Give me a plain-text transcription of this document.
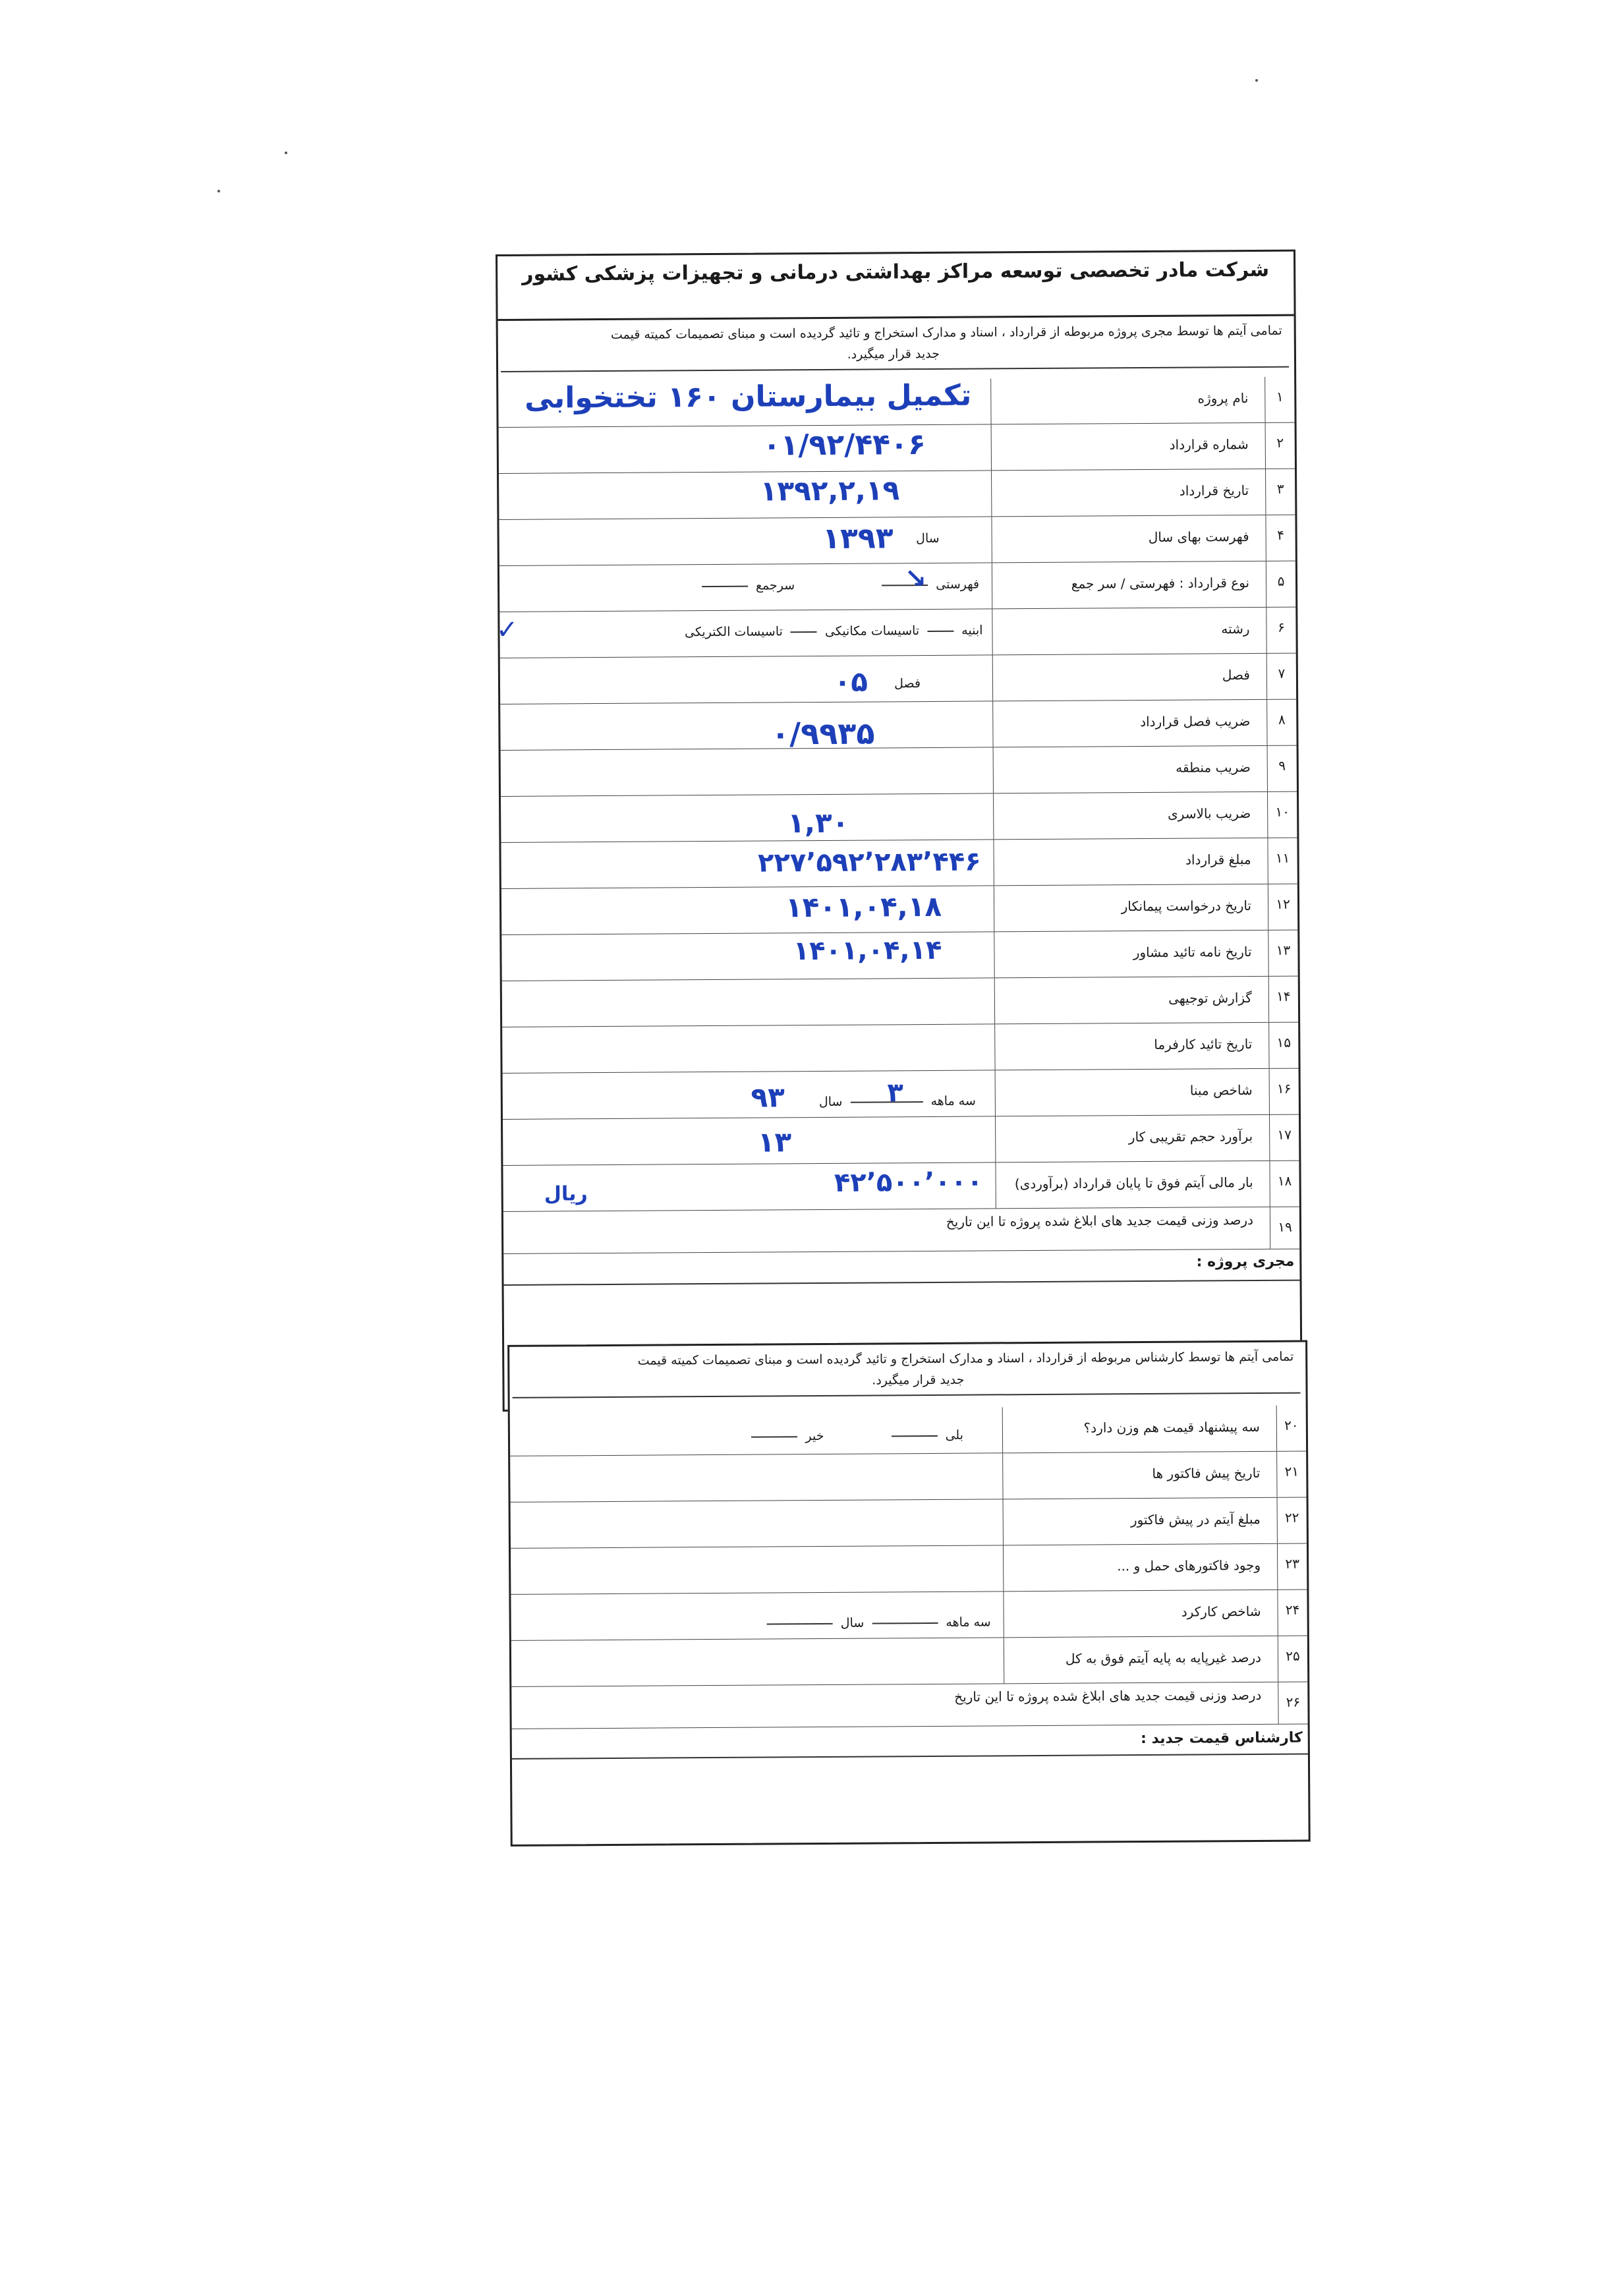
شرکت مادر تخصصی توسعه مراکز بهداشتی درمانی و تجهیزات پزشکی کشور
تمامی آیتم ها توسط مجری پروژه مربوطه از قرارداد ، اسناد و مدارک استخراج و تائید گردیده است و مبنای تصمیمات کمیته قیمت
جدید قرار میگیرد.
۱
نام پروژه
تکمیل بیمارستان ۱۶۰ تختخوابی
۲
شماره قرارداد
۰۱/۹۲/۴۴۰۶
۳
تاریخ قرارداد
۱۳۹۲,۲,۱۹
۴
فهرست بهای سال
سال
۱۳۹۳
۵
نوع قرارداد : فهرستی / سر جمع
فهرستی  سرجمع	↘
۶
رشته
ابنیه  تاسیسات مکانیکی  تاسیسات الکتریکی
✓
۷
فصل
فصل
۰۵
۸
ضریب فصل قرارداد
۰/۹۹۳۵
۹
ضریب منطقه
۱۰
ضریب بالاسری
۱,۳۰
۱۱
مبلغ قرارداد
۲۲۷٬۵۹۲٬۲۸۳٬۴۴۶
۱۲
تاریخ درخواست پیمانکار
۱۴۰۱,۰۴,۱۸
۱۳
تاریخ نامه تائید مشاور
۱۴۰۱,۰۴,۱۴
۱۴
گزارش توجیهی
۱۵
تاریخ تائید کارفرما
۱۶
شاخص مبنا
سه ماهه  سال	۳
۹۳
۱۷
برآورد حجم تقریبی کار
۱۳
۱۸
بار مالی آیتم فوق تا پایان قرارداد (برآوردی)
۴۲٬۵۰۰٬۰۰۰
ریال
۱۹
درصد وزنی قیمت جدید های ابلاغ شده پروژه تا این تاریخ
مجری پروژه :
تمامی آیتم ها توسط کارشناس مربوطه از قرارداد ، اسناد و مدارک استخراج و تائید گردیده است و مبنای تصمیمات کمیته قیمت
جدید قرار میگیرد.
۲۰
سه پیشنهاد قیمت هم وزن دارد؟
بلی  خیر
۲۱
تاریخ پیش فاکتور ها
۲۲
مبلغ آیتم در پیش فاکتور
۲۳
وجود فاکتورهای حمل و ...
۲۴
شاخص کارکرد
سه ماهه  سال
۲۵
درصد غیرپایه به پایه آیتم فوق به کل
۲۶
درصد وزنی قیمت جدید های ابلاغ شده پروژه تا این تاریخ
کارشناس قیمت جدید :
